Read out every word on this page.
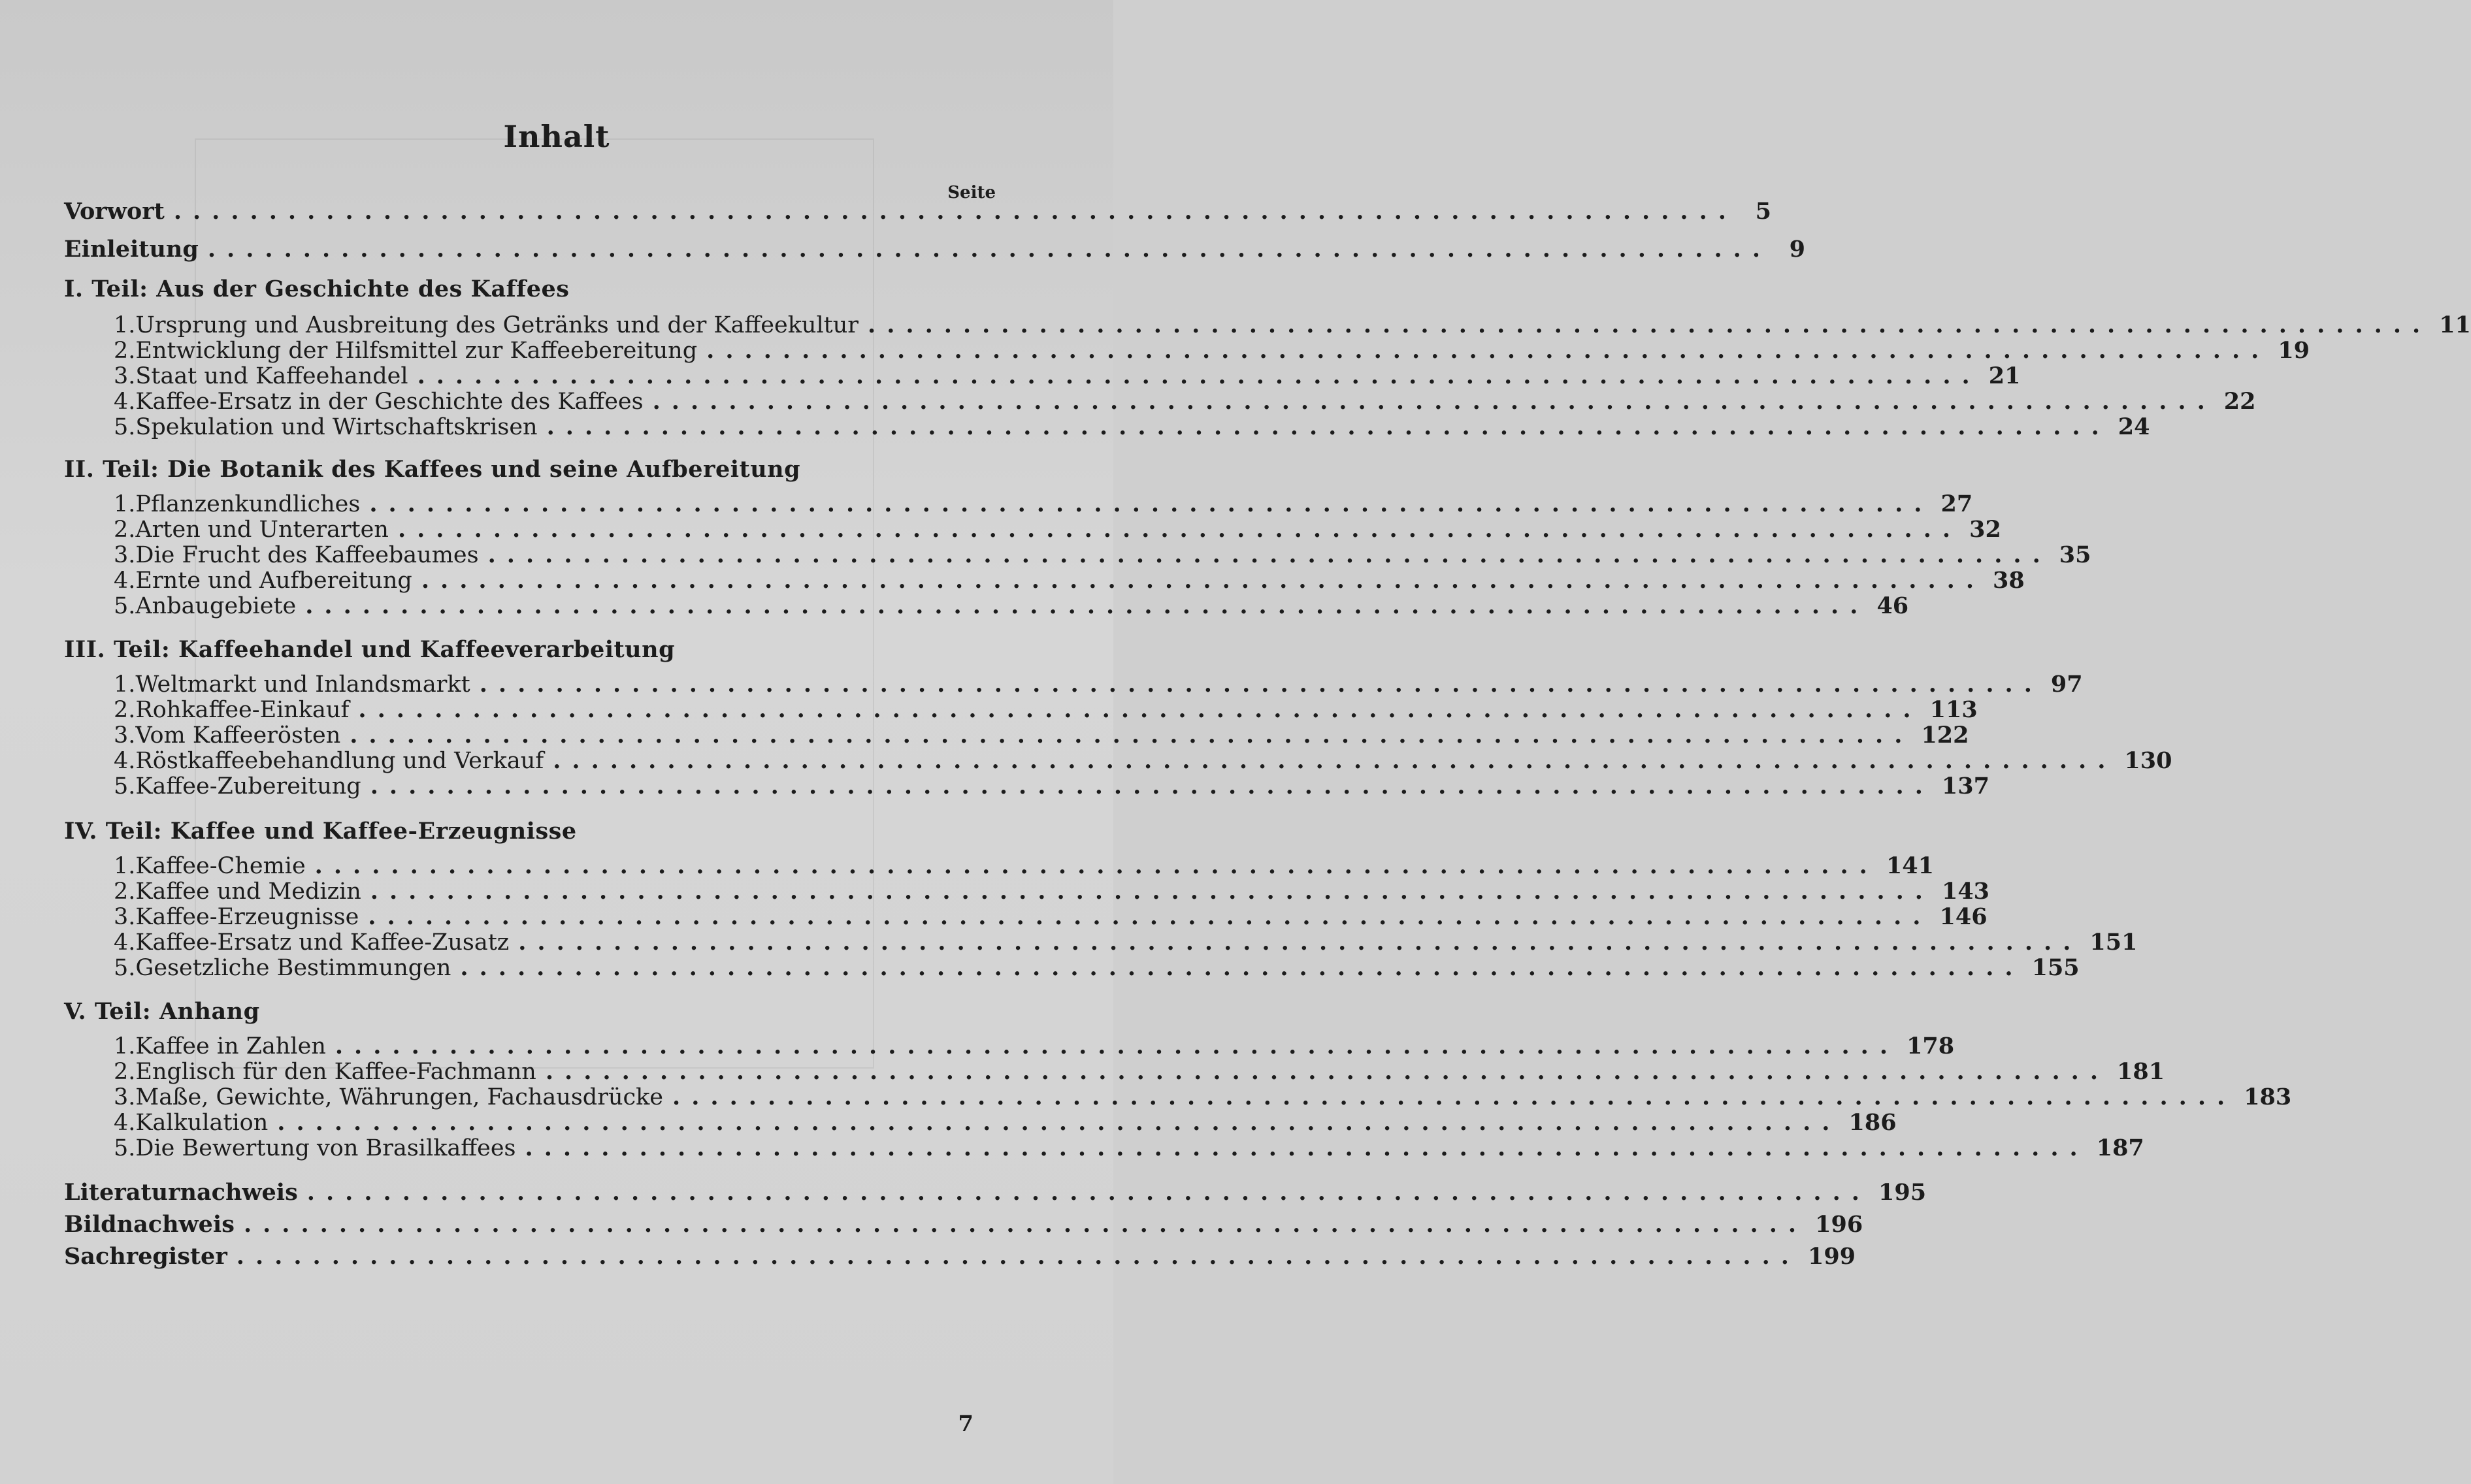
Inhalt
Seite
Vorwort .................................................................................. 5
Einleitung .................................................................................. 9
I. Teil: Aus der Geschichte des Kaffees
1. Ursprung und Ausbreitung des Getränks und der Kaffeekultur .................................................................................. 11
2. Entwicklung der Hilfsmittel zur Kaffeebereitung .................................................................................. 19
3. Staat und Kaffeehandel .................................................................................. 21
4. Kaffee-Ersatz in der Geschichte des Kaffees .................................................................................. 22
5. Spekulation und Wirtschaftskrisen .................................................................................. 24
II. Teil: Die Botanik des Kaffees und seine Aufbereitung
1. Pflanzenkundliches .................................................................................. 27
2. Arten und Unterarten .................................................................................. 32
3. Die Frucht des Kaffeebaumes .................................................................................. 35
4. Ernte und Aufbereitung .................................................................................. 38
5. Anbaugebiete .................................................................................. 46
III. Teil: Kaffeehandel und Kaffeeverarbeitung
1. Weltmarkt und Inlandsmarkt .................................................................................. 97
2. Rohkaffee-Einkauf .................................................................................. 113
3. Vom Kaffeerösten .................................................................................. 122
4. Röstkaffeebehandlung und Verkauf .................................................................................. 130
5. Kaffee-Zubereitung .................................................................................. 137
IV. Teil: Kaffee und Kaffee-Erzeugnisse
1. Kaffee-Chemie .................................................................................. 141
2. Kaffee und Medizin .................................................................................. 143
3. Kaffee-Erzeugnisse .................................................................................. 146
4. Kaffee-Ersatz und Kaffee-Zusatz .................................................................................. 151
5. Gesetzliche Bestimmungen .................................................................................. 155
V. Teil: Anhang
1. Kaffee in Zahlen .................................................................................. 178
2. Englisch für den Kaffee-Fachmann .................................................................................. 181
3. Maße, Gewichte, Währungen, Fachausdrücke .................................................................................. 183
4. Kalkulation .................................................................................. 186
5. Die Bewertung von Brasilkaffees .................................................................................. 187
Literaturnachweis .................................................................................. 195
Bildnachweis .................................................................................. 196
Sachregister .................................................................................. 199
7
